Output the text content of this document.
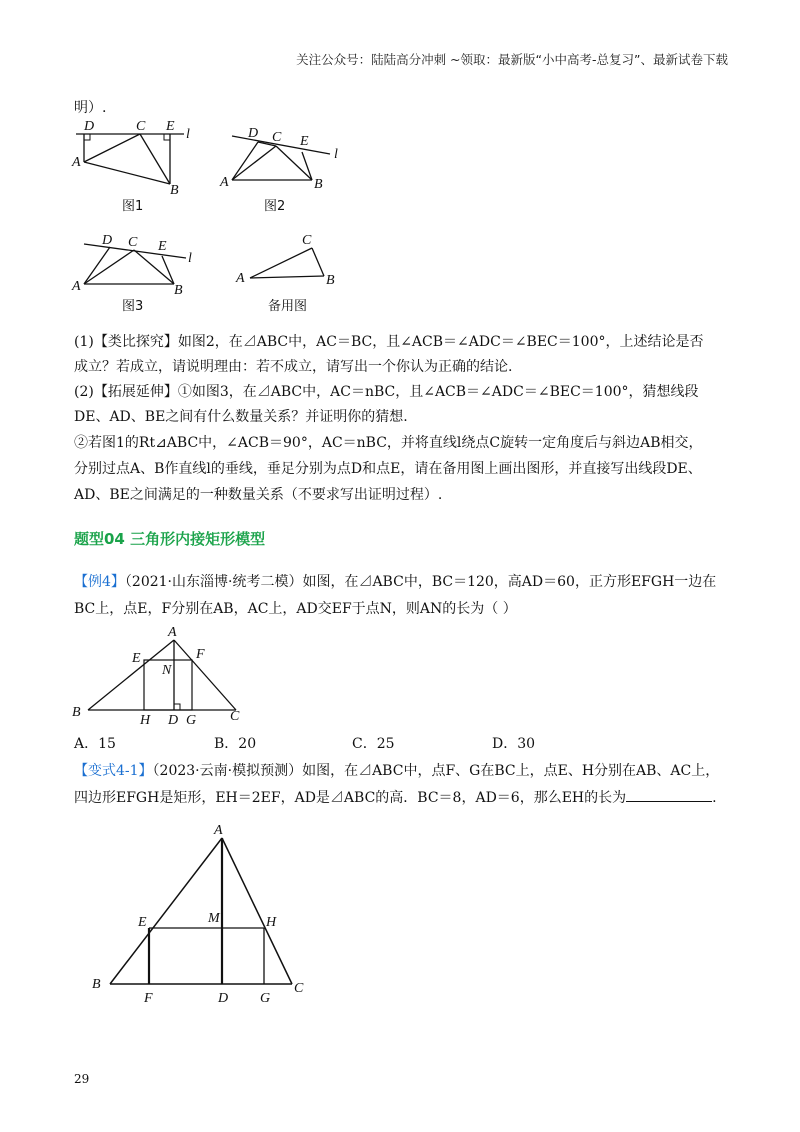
关注公众号：陆陆高分冲刺 ~领取：最新版“小中高考-总复习”、最新试卷下载
明）.
D	C E
l
A
B
图1
D C E
l
A	B
图2
D C E
l
A	B
图3
C
A	B
备用图
(1)【类比探究】如图2，在⊿ABC中，AC＝BC，且∠ACB＝∠ADC＝∠BEC＝100°，上述结论是否
成立？若成立，请说明理由：若不成立，请写出一个你认为正确的结论.
(2)【拓展延伸】①如图3，在⊿ABC中，AC＝nBC，且∠ACB＝∠ADC＝∠BEC＝100°，猜想线段
DE、AD、BE之间有什么数量关系？并证明你的猜想.
②若图1的Rt⊿ABC中，∠ACB＝90°，AC＝nBC，并将直线l绕点C旋转一定角度后与斜边AB相交，
分别过点A、B作直线l的垂线，垂足分别为点D和点E，请在备用图上画出图形，并直接写出线段DE、
AD、BE之间满足的一种数量关系（不要求写出证明过程）.
题型04 三角形内接矩形模型
【例4】（2021·山东淄博·统考二模）如图，在⊿ABC中，BC＝120，高AD＝60，正方形EFGH一边在
BC上，点E，F分别在AB，AC上，AD交EF于点N，则AN的长为（ ）
A
E	F
N
B
H D G C
A．15	B．20	C．25	D．30
【变式4-1】（2023·云南·模拟预测）如图，在⊿ABC中，点F、G在BC上，点E、H分别在AB、AC上，
四边形EFGH是矩形，EH＝2EF，AD是⊿ABC的高．BC＝8，AD＝6，那么EH的长为	.
A
E	M	H
B
F	D G
C
29
